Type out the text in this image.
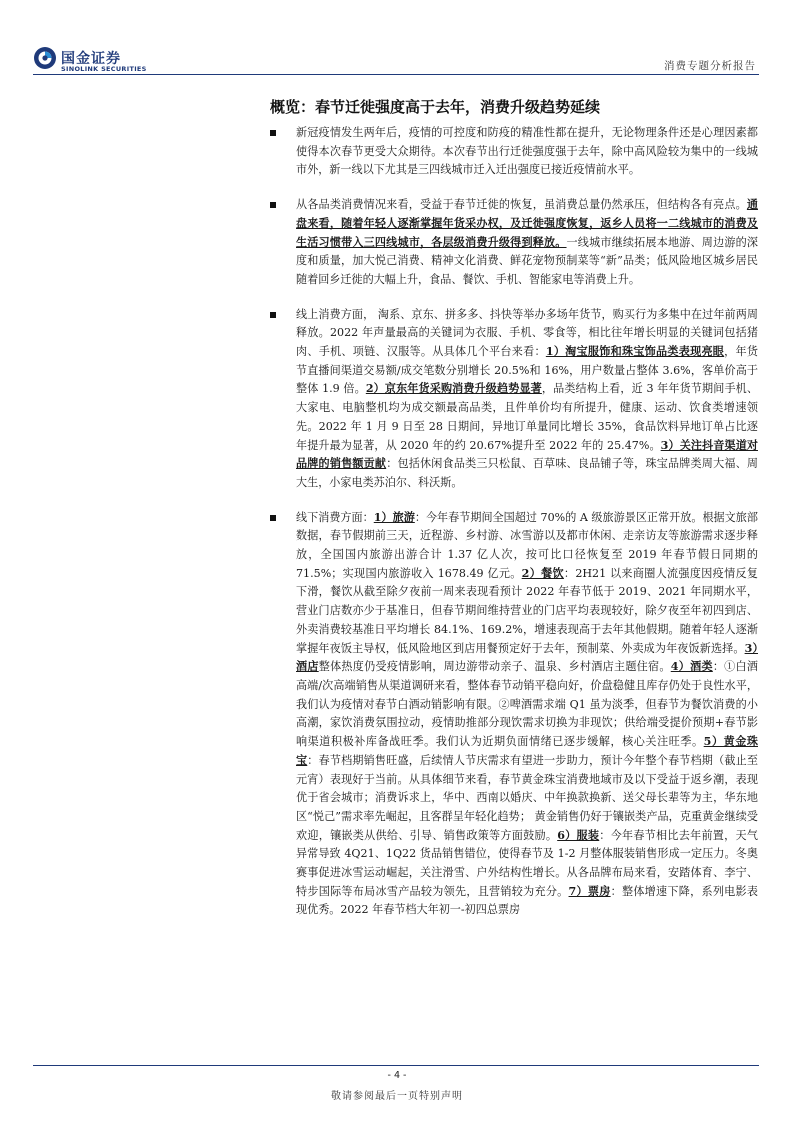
国金证券
SINOLINK SECURITIES	消费专题分析报告
概览：春节迁徙强度高于去年，消费升级趋势延续
新冠疫情发生两年后，疫情的可控度和防疫的精准性都在提升，无论物理条件还是心理因素都使得本次春节更受大众期待。本次春节出行迁徙强度强于去年，除中高风险较为集中的一线城市外，新一线以下尤其是三四线城市迁入迁出强度已接近疫情前水平。
从各品类消费情况来看，受益于春节迁徙的恢复，虽消费总量仍然承压，但结构各有亮点。通盘来看，随着年轻人逐渐掌握年货采办权，及迁徙强度恢复，返乡人员将一二线城市的消费及生活习惯带入三四线城市，各层级消费升级得到释放。一线城市继续拓展本地游、周边游的深度和质量，加大悦己消费、精神文化消费、鲜花宠物预制菜等“新”品类；低风险地区城乡居民随着回乡迁徙的大幅上升，食品、餐饮、手机、智能家电等消费上升。
线上消费方面， 淘系、京东、拼多多、抖快等举办多场年货节，购买行为多集中在过年前两周释放。2022 年声量最高的关键词为衣服、手机、零食等，相比往年增长明显的关键词包括猪肉、手机、项链、汉服等。从具体几个平台来看：1）淘宝服饰和珠宝饰品类表现亮眼，年货节直播间渠道交易额/成交笔数分别增长 20.5%和 16%，用户数量占整体 3.6%，客单价高于整体 1.9 倍。2）京东年货采购消费升级趋势显著，品类结构上看，近 3 年年货节期间手机、大家电、电脑整机均为成交额最高品类，且件单价均有所提升，健康、运动、饮食类增速领先。2022 年 1 月 9 日至 28 日期间，异地订单量同比增长 35%，食品饮料异地订单占比逐年提升最为显著，从 2020 年的约 20.67%提升至 2022 年的 25.47%。3）关注抖音渠道对品牌的销售额贡献：包括休闲食品类三只松鼠、百草味、良品铺子等，珠宝品牌类周大福、周大生，小家电类苏泊尔、科沃斯。
线下消费方面：1）旅游：今年春节期间全国超过 70%的 A 级旅游景区正常开放。根据文旅部数据，春节假期前三天，近程游、乡村游、冰雪游以及都市休闲、走亲访友等旅游需求逐步释放，全国国内旅游出游合计 1.37 亿人次，按可比口径恢复至 2019 年春节假日同期的 71.5%；实现国内旅游收入 1678.49 亿元。2）餐饮：2H21 以来商圈人流强度因疫情反复下滑，餐饮从截至除夕夜前一周来表现看预计 2022 年春节低于 2019、2021 年同期水平，营业门店数亦少于基准日，但春节期间维持营业的门店平均表现较好，除夕夜至年初四到店、外卖消费较基准日平均增长 84.1%、169.2%，增速表现高于去年其他假期。随着年轻人逐渐掌握年夜饭主导权，低风险地区到店用餐预定好于去年，预制菜、外卖成为年夜饭新选择。3）酒店整体热度仍受疫情影响，周边游带动亲子、温泉、乡村酒店主题住宿。4）酒类：①白酒高端/次高端销售从渠道调研来看，整体春节动销平稳向好，价盘稳健且库存仍处于良性水平，我们认为疫情对春节白酒动销影响有限。②啤酒需求端 Q1 虽为淡季，但春节为餐饮消费的小高潮，家饮消费氛围拉动，疫情助推部分现饮需求切换为非现饮；供给端受提价预期+春节影响渠道积极补库备战旺季。我们认为近期负面情绪已逐步缓解，核心关注旺季。5）黄金珠宝：春节档期销售旺盛，后续情人节庆需求有望进一步助力，预计今年整个春节档期（截止至元宵）表现好于当前。从具体细节来看，春节黄金珠宝消费地域市及以下受益于返乡潮，表现优于省会城市；消费诉求上，华中、西南以婚庆、中年换款换新、送父母长辈等为主，华东地区“悦己”需求率先崛起，且客群呈年轻化趋势； 黄金销售仍好于镶嵌类产品，克重黄金继续受欢迎，镶嵌类从供给、引导、销售政策等方面鼓励。6）服装：今年春节相比去年前置，天气异常导致 4Q21、1Q22 货品销售错位，使得春节及 1-2 月整体服装销售形成一定压力。冬奥赛事促进冰雪运动崛起，关注滑雪、户外结构性增长。从各品牌布局来看，安踏体育、李宁、特步国际等布局冰雪产品较为领先，且营销较为充分。7）票房：整体增速下降，系列电影表现优秀。2022 年春节档大年初一-初四总票房
- 4 -
敬请参阅最后一页特别声明
